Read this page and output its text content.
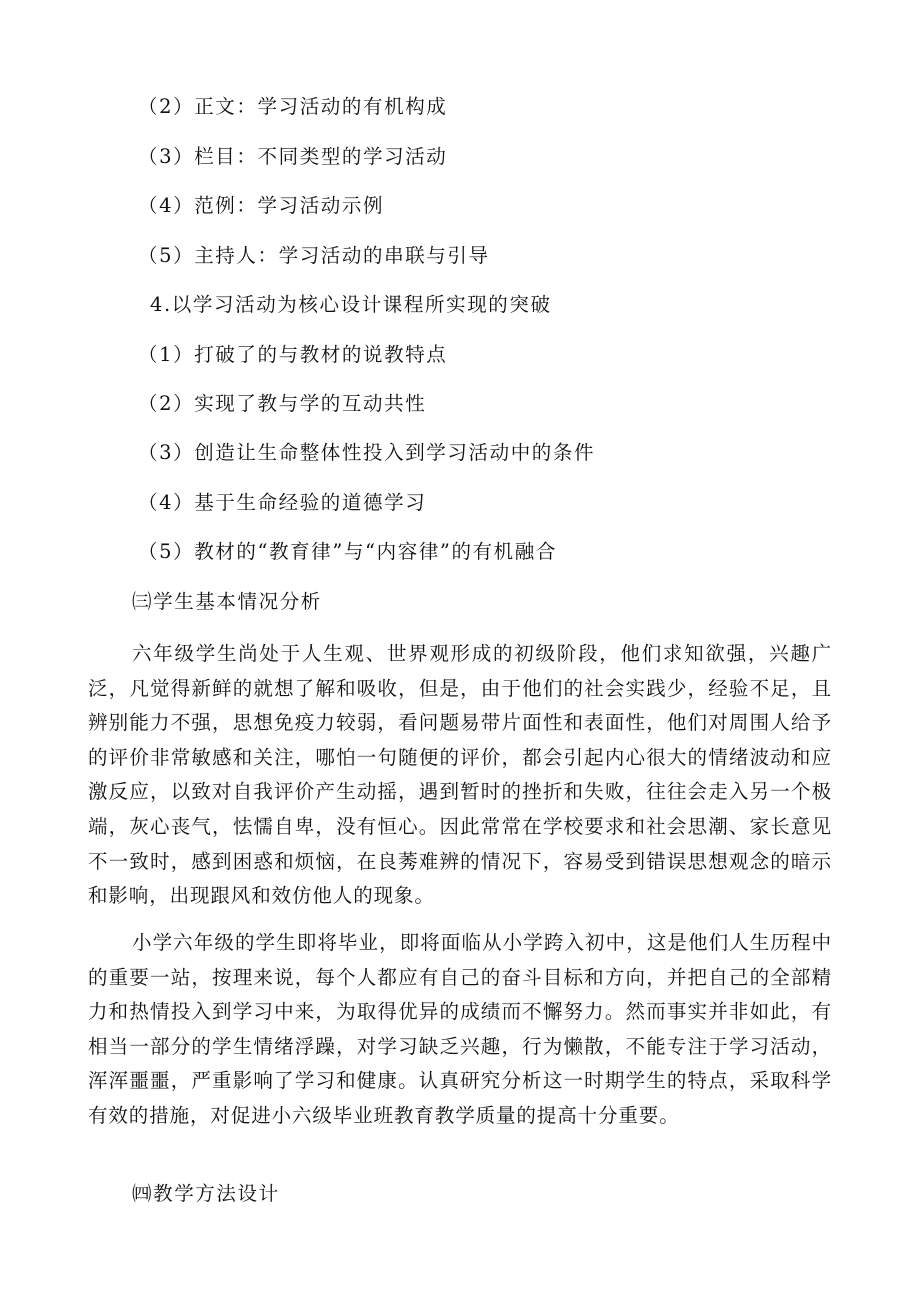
（2）正文：学习活动的有机构成
（3）栏目：不同类型的学习活动
（4）范例：学习活动示例
（5）主持人：学习活动的串联与引导
4.以学习活动为核心设计课程所实现的突破
（1）打破了的与教材的说教特点
（2）实现了教与学的互动共性
（3）创造让生命整体性投入到学习活动中的条件
（4）基于生命经验的道德学习
（5）教材的“教育律”与“内容律”的有机融合
㈢学生基本情况分析

六年级学生尚处于人生观、世界观形成的初级阶段，他们求知欲强，兴趣广泛，凡觉得新鲜的就想了解和吸收，但是，由于他们的社会实践少，经验不足，且辨别能力不强，思想免疫力较弱，看问题易带片面性和表面性，他们对周围人给予的评价非常敏感和关注，哪怕一句随便的评价，都会引起内心很大的情绪波动和应激反应，以致对自我评价产生动摇，遇到暂时的挫折和失败，往往会走入另一个极端，灰心丧气，怯懦自卑，没有恒心。因此常常在学校要求和社会思潮、家长意见不一致时，感到困惑和烦恼，在良莠难辨的情况下，容易受到错误思想观念的暗示和影响，出现跟风和效仿他人的现象。

小学六年级的学生即将毕业，即将面临从小学跨入初中，这是他们人生历程中的重要一站，按理来说，每个人都应有自己的奋斗目标和方向，并把自己的全部精力和热情投入到学习中来，为取得优异的成绩而不懈努力。然而事实并非如此，有相当一部分的学生情绪浮躁，对学习缺乏兴趣，行为懒散，不能专注于学习活动，浑浑噩噩，严重影响了学习和健康。认真研究分析这一时期学生的特点，采取科学有效的措施，对促进小六级毕业班教育教学质量的提高十分重要。

㈣教学方法设计
